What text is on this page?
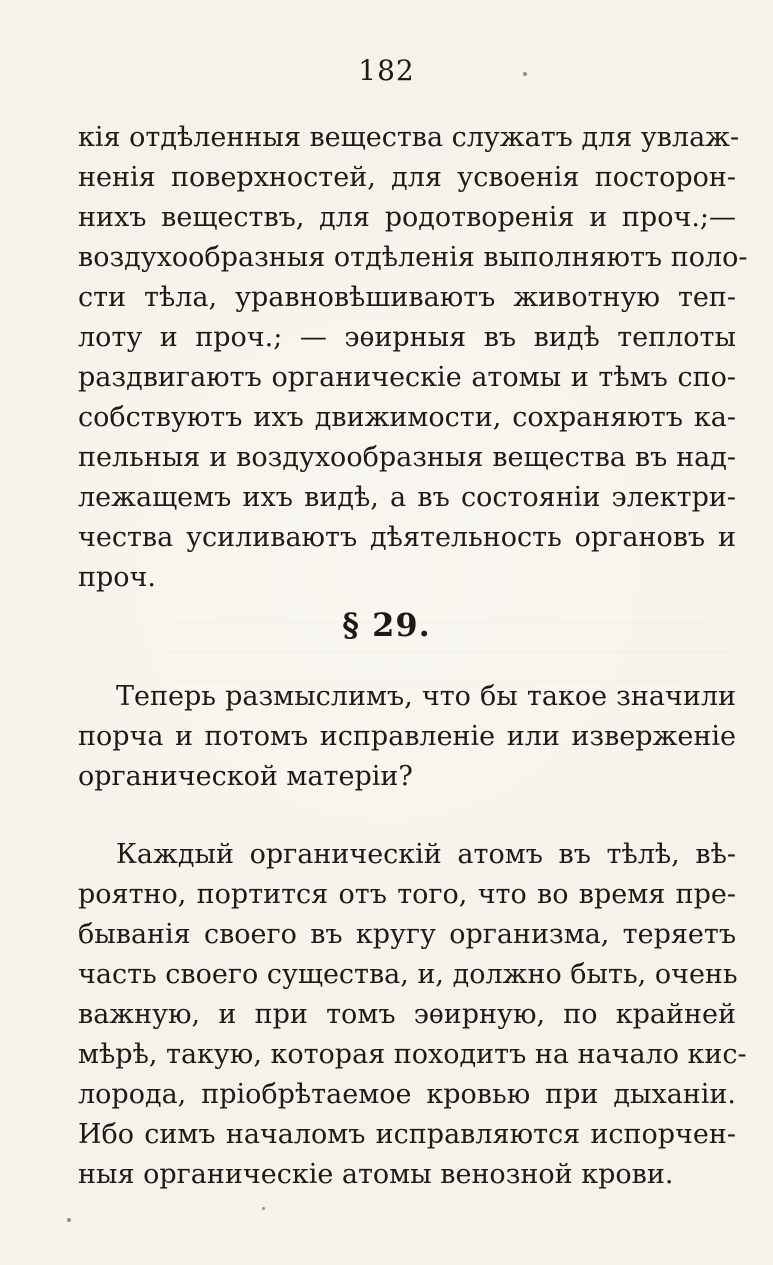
182
кія отдѣленныя вещества служатъ для увлаж-
ненія поверхностей, для усвоенія посторон-
нихъ веществъ, для родотворенія и проч.;—
воздухообразныя отдѣленія выполняютъ поло-
сти тѣла, уравновѣшиваютъ животную теп-
лоту и проч.; — эѳирныя въ видѣ теплоты
раздвигаютъ органическіе атомы и тѣмъ спо-
собствуютъ ихъ движимости, сохраняютъ ка-
пельныя и воздухообразныя вещества въ над-
лежащемъ ихъ видѣ, а въ состояніи электри-
чества усиливаютъ дѣятельность органовъ и
проч.
§ 29.
Теперь размыслимъ, что бы такое значили
порча и потомъ исправленіе или изверженіе
органической матеріи?
Каждый органическій атомъ въ тѣлѣ, вѣ-
роятно, портится отъ того, что во время пре-
быванія своего въ кругу организма, теряетъ
часть своего существа, и, должно быть, очень
важную, и при томъ эѳирную, по крайней
мѣрѣ, такую, которая походитъ на начало кис-
лорода, пріобрѣтаемое кровью при дыханіи.
Ибо симъ началомъ исправляются испорчен-
ныя органическіе атомы венозной крови.
